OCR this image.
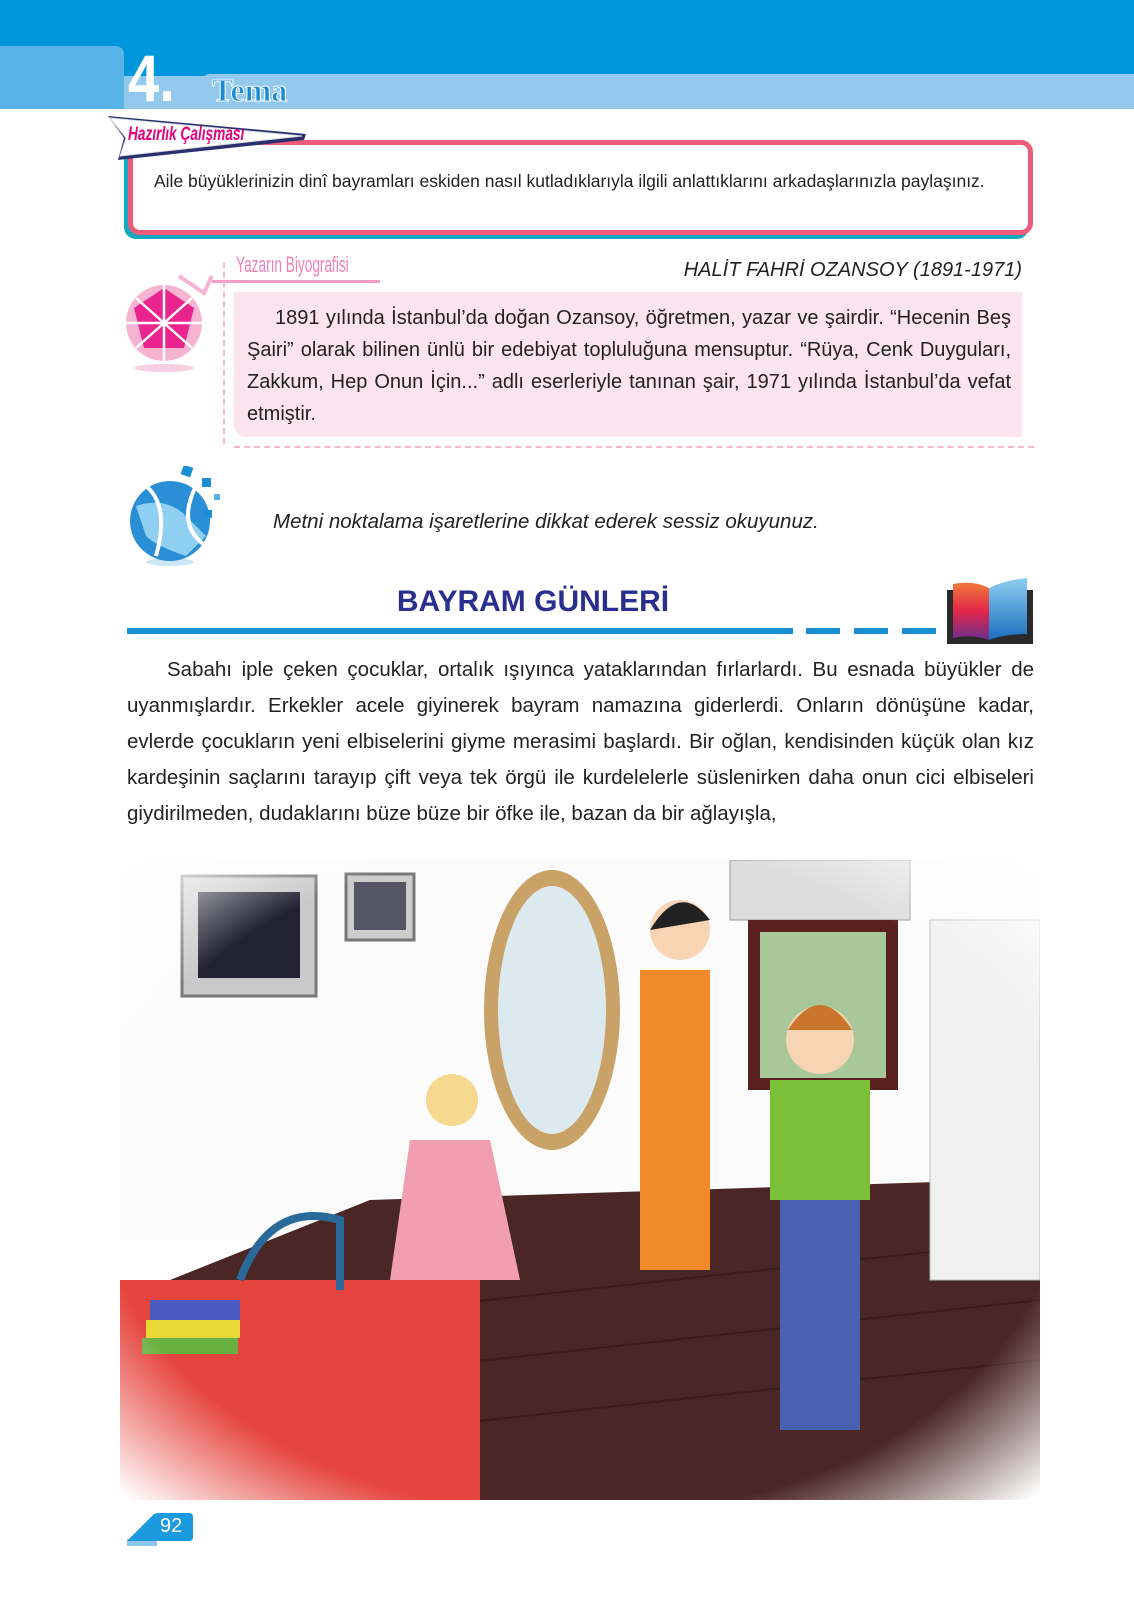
4. Tema
Hazırlık Çalışması
Aile büyüklerinizin dinî bayramları eskiden nasıl kutladıklarıyla ilgili anlattıklarını arkadaşlarınızla paylaşınız.
Yazarın Biyografisi	HALİT FAHRİ OZANSOY (1891-1971)
1891 yılında İstanbul’da doğan Ozansoy, öğretmen, yazar ve şairdir. “Hecenin Beş Şairi” olarak bilinen ünlü bir edebiyat topluluğuna mensuptur. “Rüya, Cenk Duyguları, Zakkum, Hep Onun İçin...” adlı eserleriyle tanınan şair, 1971 yılında İstanbul’da vefat etmiştir.
Metni noktalama işaretlerine dikkat ederek sessiz okuyunuz.
BAYRAM GÜNLERİ
Sabahı iple çeken çocuklar, ortalık ışıyınca yataklarından fırlarlardı. Bu esnada büyükler de uyanmışlardır. Erkekler acele giyinerek bayram namazına giderlerdi. Onların dönüşüne kadar, evlerde çocukların yeni elbiselerini giyme merasimi başlardı. Bir oğlan, kendisinden küçük olan kız kardeşinin saçlarını tarayıp çift veya tek örgü ile kurdelelerle süslenirken daha onun cici elbiseleri giydirilmeden, dudaklarını büze büze bir öfke ile, bazan da bir ağlayışla,
92
